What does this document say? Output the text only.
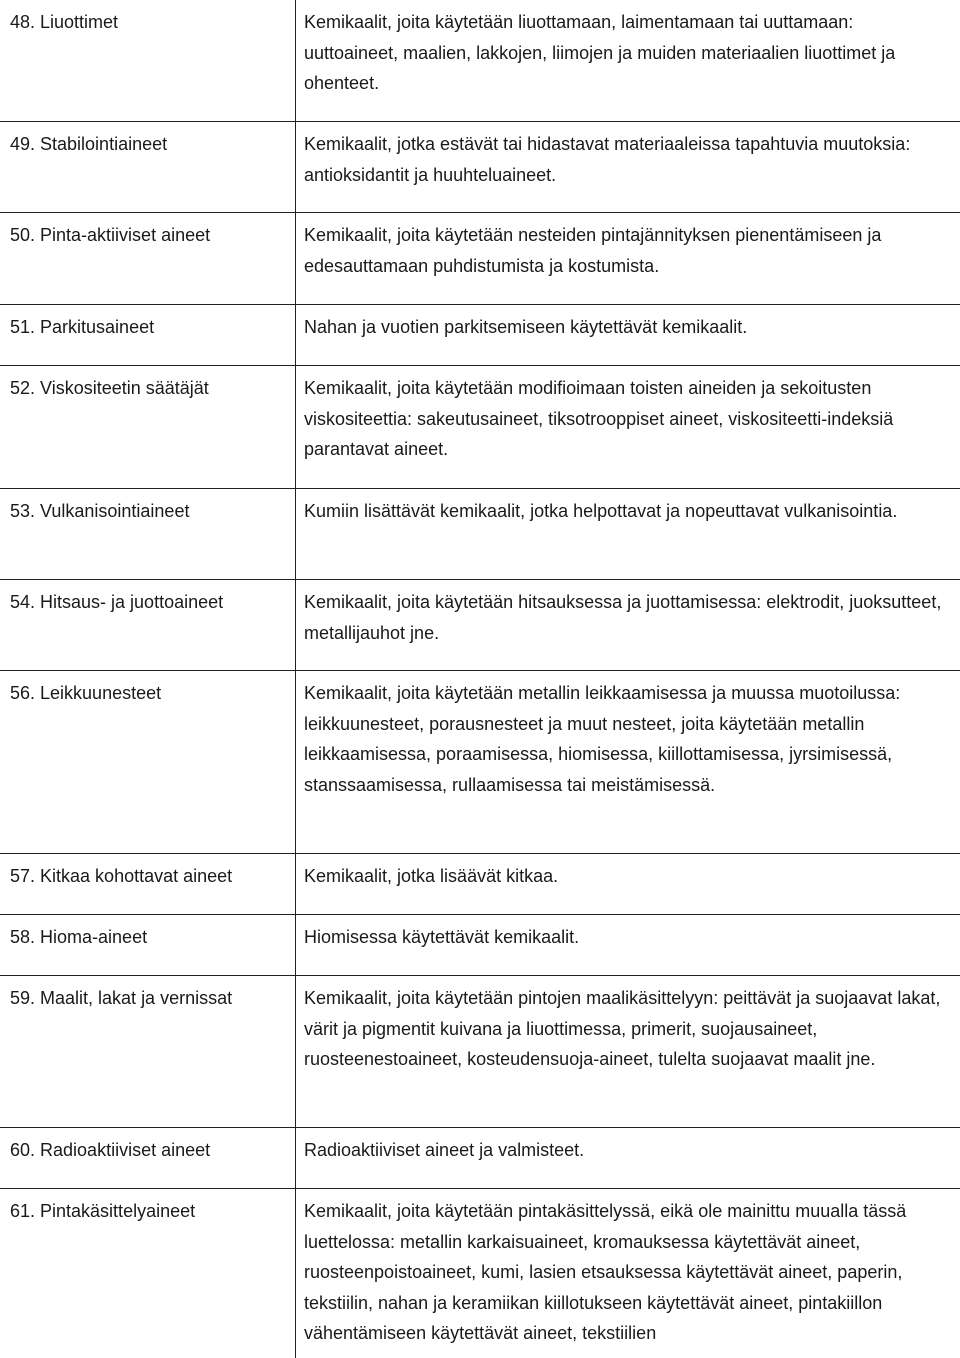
48. Liuottimet	Kemikaalit, joita käytetään liuottamaan, laimentamaan tai uuttamaan: uuttoaineet, maalien, lakkojen, liimojen ja muiden materiaalien liuottimet ja ohenteet.
49. Stabilointiaineet	Kemikaalit, jotka estävät tai hidastavat materiaaleissa tapahtuvia muutoksia: antioksidantit ja huuhteluaineet.
50. Pinta-aktiiviset aineet	Kemikaalit, joita käytetään nesteiden pintajännityksen pienentämiseen ja edesauttamaan puhdistumista ja kostumista.
51. Parkitusaineet	Nahan ja vuotien parkitsemiseen käytettävät kemikaalit.
52. Viskositeetin säätäjät	Kemikaalit, joita käytetään modifioimaan toisten aineiden ja sekoitusten viskositeettia: sakeutusaineet, tiksotrooppiset aineet, viskositeetti-indeksiä parantavat aineet.
53. Vulkanisointiaineet	Kumiin lisättävät kemikaalit, jotka helpottavat ja nopeuttavat vulkanisointia.
54. Hitsaus- ja juottoaineet	Kemikaalit, joita käytetään hitsauksessa ja juottamisessa: elektrodit, juoksutteet, metallijauhot jne.
56. Leikkuunesteet	Kemikaalit, joita käytetään metallin leikkaamisessa ja muussa muotoilussa: leikkuunesteet, porausnesteet ja muut nesteet, joita käytetään metallin leikkaamisessa, poraamisessa, hiomisessa, kiillottamisessa, jyrsimisessä, stanssaamisessa, rullaamisessa tai meistämisessä.
57. Kitkaa kohottavat aineet	Kemikaalit, jotka lisäävät kitkaa.
58. Hioma-aineet	Hiomisessa käytettävät kemikaalit.
59. Maalit, lakat ja vernissat	Kemikaalit, joita käytetään pintojen maalikäsittelyyn: peittävät ja suojaavat lakat, värit ja pigmentit kuivana ja liuottimessa, primerit, suojausaineet, ruosteenestoaineet, kosteudensuoja-aineet, tulelta suojaavat maalit jne.
60. Radioaktiiviset aineet	Radioaktiiviset aineet ja valmisteet.
61. Pintakäsittelyaineet	Kemikaalit, joita käytetään pintakäsittelyssä, eikä ole mainittu muualla tässä luettelossa: metallin karkaisuaineet, kromauksessa käytettävät aineet, ruosteenpoistoaineet, kumi, lasien etsauksessa käytettävät aineet, paperin, tekstiilin, nahan ja keramiikan kiillotukseen käytettävät aineet, pintakiillon vähentämiseen käytettävät aineet, tekstiilien
